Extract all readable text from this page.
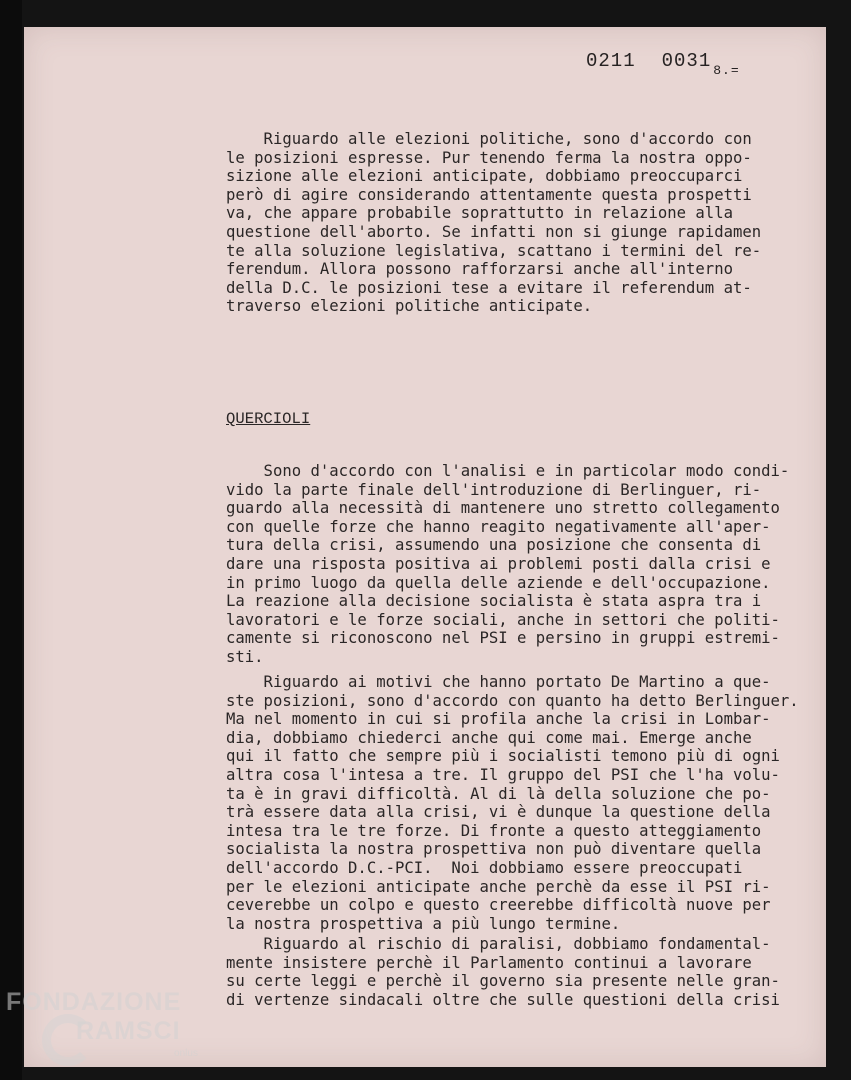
0211 0031 $_{8.=}$
Riguardo alle elezioni politiche, sono d'accordo con
le posizioni espresse. Pur tenendo ferma la nostra oppo-
sizione alle elezioni anticipate, dobbiamo preoccuparci
però di agire considerando attentamente questa prospetti
va, che appare probabile soprattutto in relazione alla
questione dell'aborto. Se infatti non si giunge rapidamen
te alla soluzione legislativa, scattano i termini del re-
ferendum. Allora possono rafforzarsi anche all'interno
della D.C. le posizioni tese a evitare il referendum at-
traverso elezioni politiche anticipate.
QUERCIOLI
Sono d'accordo con l'analisi e in particolar modo condi-
vido la parte finale dell'introduzione di Berlinguer, ri-
guardo alla necessità di mantenere uno stretto collegamento
con quelle forze che hanno reagito negativamente all'aper-
tura della crisi, assumendo una posizione che consenta di
dare una risposta positiva ai problemi posti dalla crisi e
in primo luogo da quella delle aziende e dell'occupazione.
La reazione alla decisione socialista è stata aspra tra i
lavoratori e le forze sociali, anche in settori che politi-
camente si riconoscono nel PSI e persino in gruppi estremi-
sti.
Riguardo ai motivi che hanno portato De Martino a que-
ste posizioni, sono d'accordo con quanto ha detto Berlinguer.
Ma nel momento in cui si profila anche la crisi in Lombar-
dia, dobbiamo chiederci anche qui come mai. Emerge anche
qui il fatto che sempre più i socialisti temono più di ogni
altra cosa l'intesa a tre. Il gruppo del PSI che l'ha volu-
ta è in gravi difficoltà. Al di là della soluzione che po-
trà essere data alla crisi, vi è dunque la questione della
intesa tra le tre forze. Di fronte a questo atteggiamento
socialista la nostra prospettiva non può diventare quella
dell'accordo D.C.-PCI.  Noi dobbiamo essere preoccupati
per le elezioni anticipate anche perchè da esse il PSI ri-
ceverebbe un colpo e questo creerebbe difficoltà nuove per
la nostra prospettiva a più lungo termine.
Riguardo al rischio di paralisi, dobbiamo fondamental-
mente insistere perchè il Parlamento continui a lavorare
su certe leggi e perchè il governo sia presente nelle gran-
di vertenze sindacali oltre che sulle questioni della crisi
FONDAZIONE
RAMSCI
onlus
